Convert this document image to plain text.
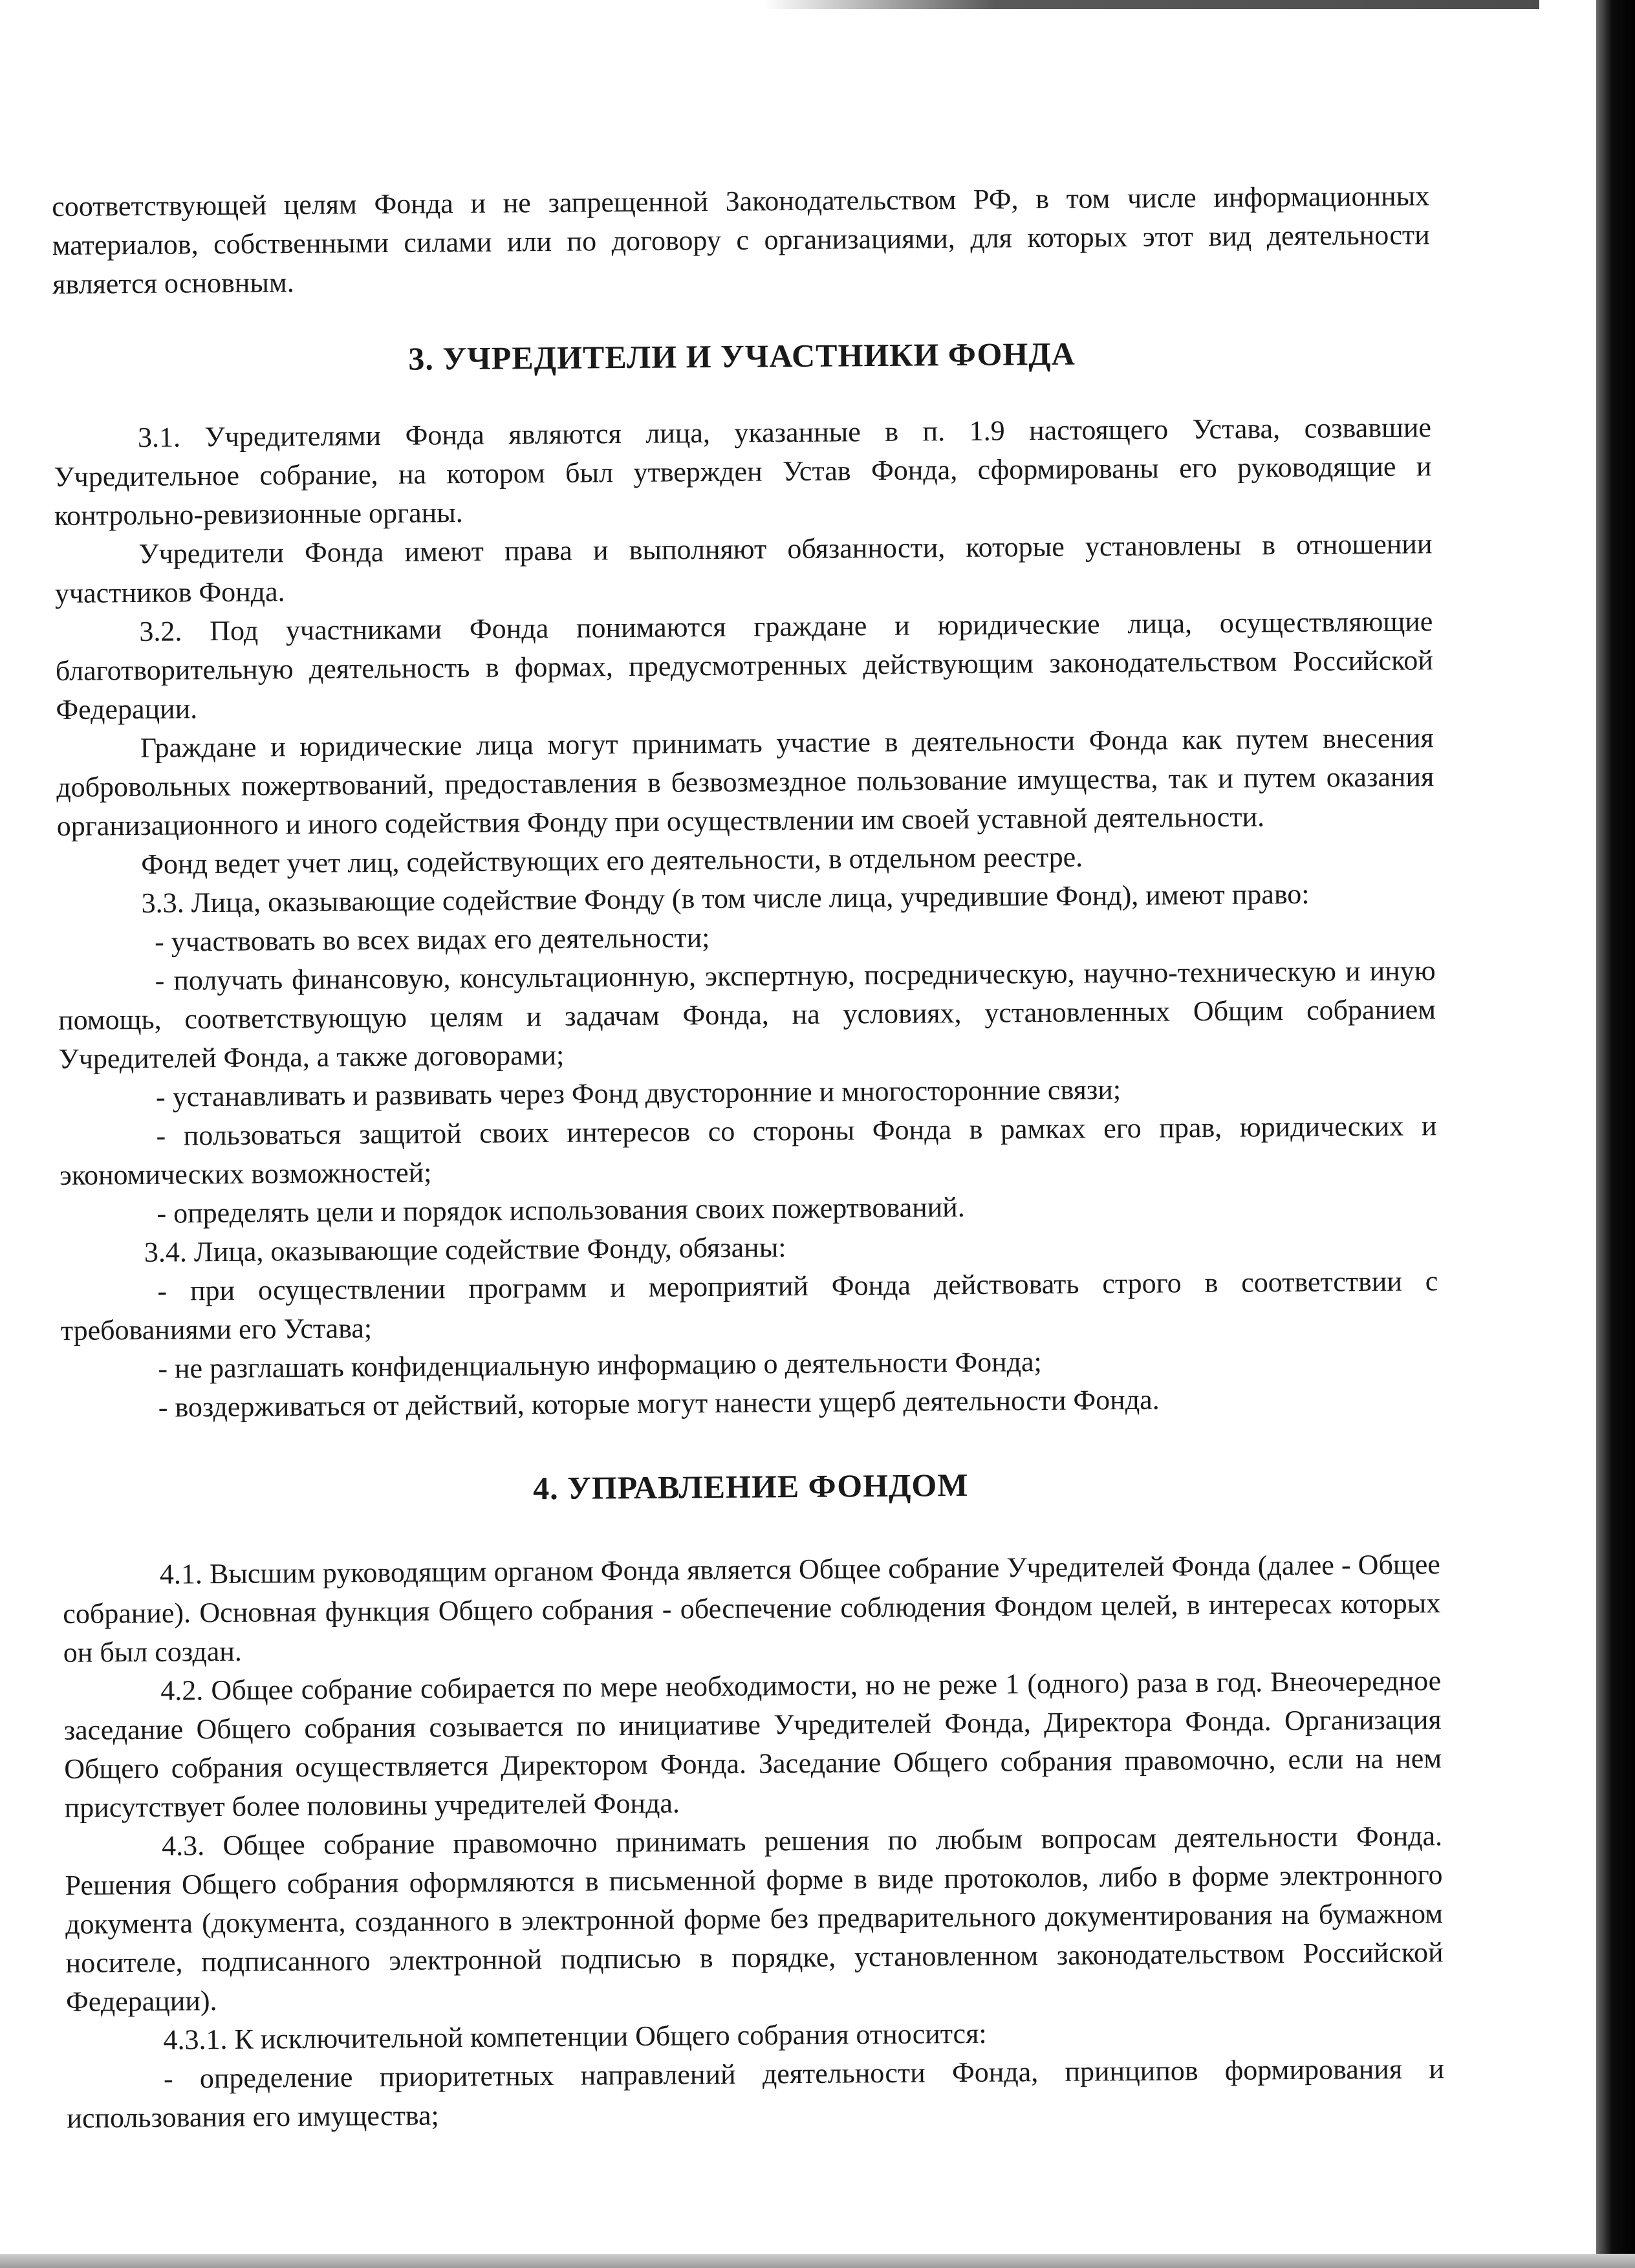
соответствующей целям Фонда и не запрещенной Законодательством РФ, в том числе информационных материалов, собственными силами или по договору с организациями, для которых этот вид деятельности является основным.

3. УЧРЕДИТЕЛИ И УЧАСТНИКИ ФОНДА

3.1. Учредителями Фонда являются лица, указанные в п. 1.9 настоящего Устава, созвавшие Учредительное собрание, на котором был утвержден Устав Фонда, сформированы его руководящие и контрольно-ревизионные органы.

Учредители Фонда имеют права и выполняют обязанности, которые установлены в отношении участников Фонда.

3.2. Под участниками Фонда понимаются граждане и юридические лица, осуществляющие благотворительную деятельность в формах, предусмотренных действующим законодательством Российской Федерации.

Граждане и юридические лица могут принимать участие в деятельности Фонда как путем внесения добровольных пожертвований, предоставления в безвозмездное пользование имущества, так и путем оказания организационного и иного содействия Фонду при осуществлении им своей уставной деятельности.

Фонд ведет учет лиц, содействующих его деятельности, в отдельном реестре.

3.3. Лица, оказывающие содействие Фонду (в том числе лица, учредившие Фонд), имеют право:

- участвовать во всех видах его деятельности;

- получать финансовую, консультационную, экспертную, посредническую, научно-техническую и иную помощь, соответствующую целям и задачам Фонда, на условиях, установленных Общим собранием Учредителей Фонда, а также договорами;

- устанавливать и развивать через Фонд двусторонние и многосторонние связи;

- пользоваться защитой своих интересов со стороны Фонда в рамках его прав, юридических и экономических возможностей;

- определять цели и порядок использования своих пожертвований.

3.4. Лица, оказывающие содействие Фонду, обязаны:

- при осуществлении программ и мероприятий Фонда действовать строго в соответствии с требованиями его Устава;

- не разглашать конфиденциальную информацию о деятельности Фонда;

- воздерживаться от действий, которые могут нанести ущерб деятельности Фонда.

4. УПРАВЛЕНИЕ ФОНДОМ

4.1. Высшим руководящим органом Фонда является Общее собрание Учредителей Фонда (далее - Общее собрание). Основная функция Общего собрания - обеспечение соблюдения Фондом целей, в интересах которых он был создан.

4.2. Общее собрание собирается по мере необходимости, но не реже 1 (одного) раза в год. Внеочередное заседание Общего собрания созывается по инициативе Учредителей Фонда, Директора Фонда. Организация Общего собрания осуществляется Директором Фонда. Заседание Общего собрания правомочно, если на нем присутствует более половины учредителей Фонда.

4.3. Общее собрание правомочно принимать решения по любым вопросам деятельности Фонда. Решения Общего собрания оформляются в письменной форме в виде протоколов, либо в форме электронного документа (документа, созданного в электронной форме без предварительного документирования на бумажном носителе, подписанного электронной подписью в порядке, установленном законодательством Российской Федерации).

4.3.1. К исключительной компетенции Общего собрания относится:

- определение приоритетных направлений деятельности Фонда, принципов формирования и использования его имущества;
